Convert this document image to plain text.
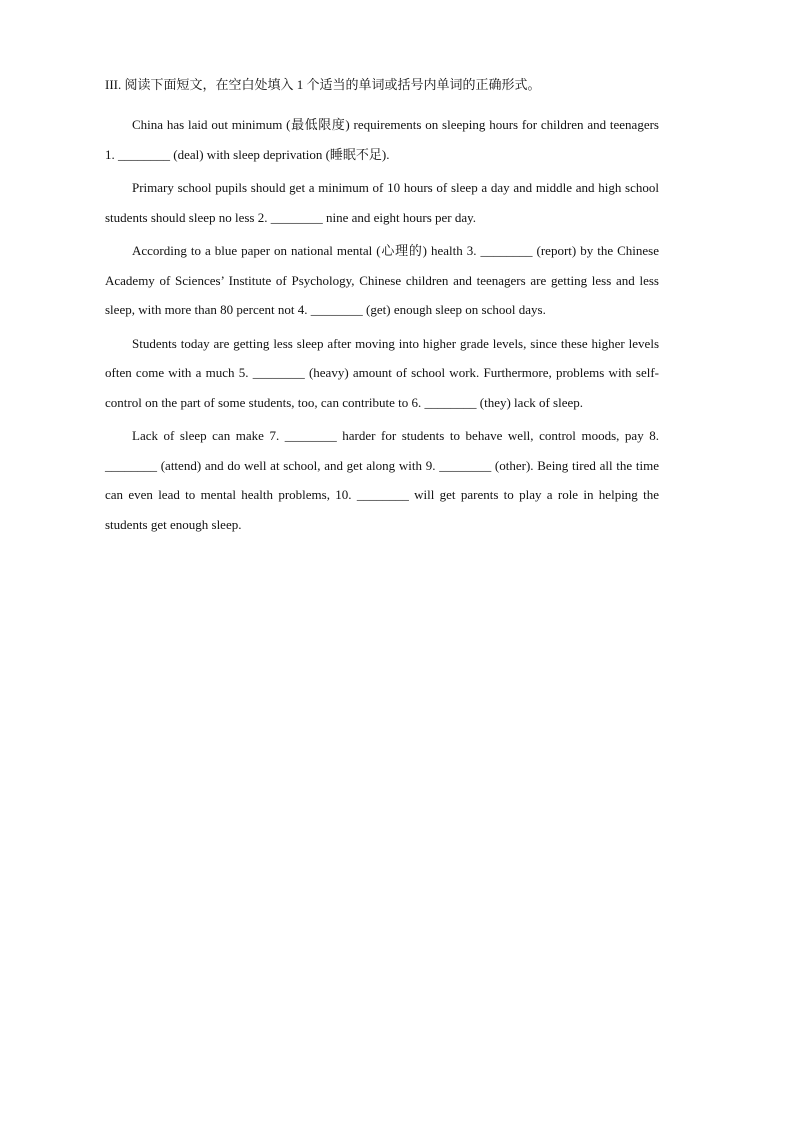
III. 阅读下面短文，在空白处填入 1 个适当的单词或括号内单词的正确形式。

China has laid out minimum (最低限度) requirements on sleeping hours for children and teenagers 1. ________ (deal) with sleep deprivation (睡眠不足).

Primary school pupils should get a minimum of 10 hours of sleep a day and middle and high school students should sleep no less 2. ________ nine and eight hours per day.

According to a blue paper on national mental (心理的) health 3. ________ (report) by the Chinese Academy of Sciences’ Institute of Psychology, Chinese children and teenagers are getting less and less sleep, with more than 80 percent not 4. ________ (get) enough sleep on school days.

Students today are getting less sleep after moving into higher grade levels, since these higher levels often come with a much 5. ________ (heavy) amount of school work. Furthermore, problems with self-control on the part of some students, too, can contribute to 6. ________ (they) lack of sleep.

Lack of sleep can make 7. ________ harder for students to behave well, control moods, pay 8. ________ (attend) and do well at school, and get along with 9. ________ (other). Being tired all the time can even lead to mental health problems, 10. ________ will get parents to play a role in helping the students get enough sleep.
